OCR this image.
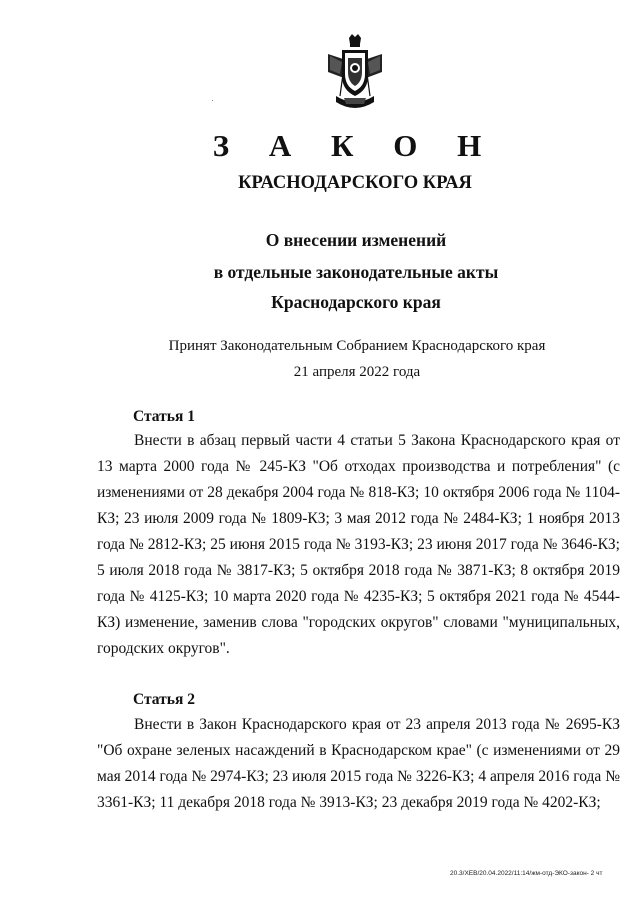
З А К О Н
КРАСНОДАРСКОГО КРАЯ
О внесении изменений
в отдельные законодательные акты
Краснодарского края
Принят Законодательным Собранием Краснодарского края
21 апреля 2022 года
Статья 1
Внести в абзац первый части 4 статьи 5 Закона Краснодарского края от 13 марта 2000 года № 245-КЗ "Об отходах производства и потребления" (с изменениями от 28 декабря 2004 года № 818-КЗ; 10 октября 2006 года № 1104-КЗ; 23 июля 2009 года № 1809-КЗ; 3 мая 2012 года № 2484-КЗ; 1 ноября 2013 года № 2812-КЗ; 25 июня 2015 года № 3193-КЗ; 23 июня 2017 года № 3646-КЗ; 5 июля 2018 года № 3817-КЗ; 5 октября 2018 года № 3871-КЗ; 8 октября 2019 года № 4125-КЗ; 10 марта 2020 года № 4235-КЗ; 5 октября 2021 года № 4544-КЗ) изменение, заменив слова "городских округов" словами "муниципальных, городских округов".
Статья 2
Внести в Закон Краснодарского края от 23 апреля 2013 года № 2695-КЗ "Об охране зеленых насаждений в Краснодарском крае" (с изменениями от 29 мая 2014 года № 2974-КЗ; 23 июля 2015 года № 3226-КЗ; 4 апреля 2016 года № 3361-КЗ; 11 декабря 2018 года № 3913-КЗ; 23 декабря 2019 года № 4202-КЗ;
20.3/ХЕВ/20.04.2022/11:14/жм-отд-ЭКО-закон- 2 чт
